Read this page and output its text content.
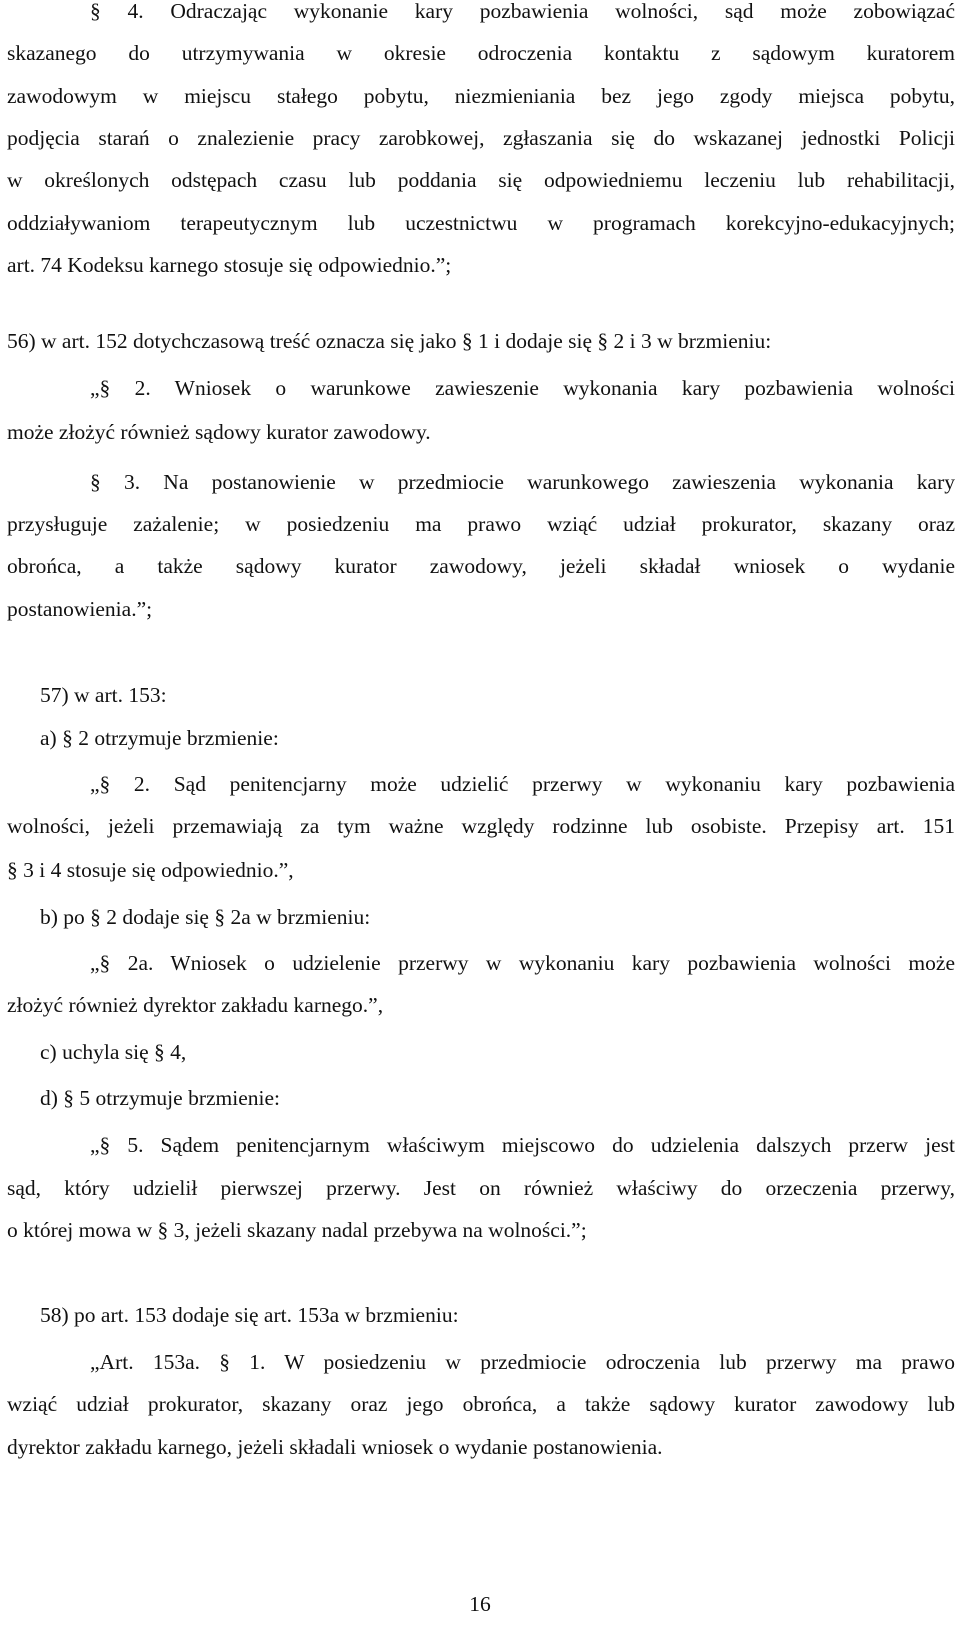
§ 4. Odraczając wykonanie kary pozbawienia wolności, sąd może zobowiązać
skazanego do utrzymywania w okresie odroczenia kontaktu z sądowym kuratorem
zawodowym w miejscu stałego pobytu, niezmieniania bez jego zgody miejsca pobytu,
podjęcia starań o znalezienie pracy zarobkowej, zgłaszania się do wskazanej jednostki Policji
w określonych odstępach czasu lub poddania się odpowiedniemu leczeniu lub rehabilitacji,
oddziaływaniom terapeutycznym lub uczestnictwu w programach korekcyjno-edukacyjnych;
art. 74 Kodeksu karnego stosuje się odpowiednio.”;
56) w art. 152 dotychczasową treść oznacza się jako § 1 i dodaje się § 2 i 3 w brzmieniu:
„§ 2. Wniosek o warunkowe zawieszenie wykonania kary pozbawienia wolności
może złożyć również sądowy kurator zawodowy.
§ 3. Na postanowienie w przedmiocie warunkowego zawieszenia wykonania kary
przysługuje zażalenie; w posiedzeniu ma prawo wziąć udział prokurator, skazany oraz
obrońca, a także sądowy kurator zawodowy, jeżeli składał wniosek o wydanie
postanowienia.”;
57) w art. 153:
a) § 2 otrzymuje brzmienie:
„§ 2. Sąd penitencjarny może udzielić przerwy w wykonaniu kary pozbawienia
wolności, jeżeli przemawiają za tym ważne względy rodzinne lub osobiste. Przepisy art. 151
§ 3 i 4 stosuje się odpowiednio.”,
b) po § 2 dodaje się § 2a w brzmieniu:
„§ 2a. Wniosek o udzielenie przerwy w wykonaniu kary pozbawienia wolności może
złożyć również dyrektor zakładu karnego.”,
c) uchyla się § 4,
d) § 5 otrzymuje brzmienie:
„§ 5. Sądem penitencjarnym właściwym miejscowo do udzielenia dalszych przerw jest
sąd, który udzielił pierwszej przerwy. Jest on również właściwy do orzeczenia przerwy,
o której mowa w § 3, jeżeli skazany nadal przebywa na wolności.”;
58) po art. 153 dodaje się art. 153a w brzmieniu:
„Art. 153a. § 1. W posiedzeniu w przedmiocie odroczenia lub przerwy ma prawo
wziąć udział prokurator, skazany oraz jego obrońca, a także sądowy kurator zawodowy lub
dyrektor zakładu karnego, jeżeli składali wniosek o wydanie postanowienia.
16
